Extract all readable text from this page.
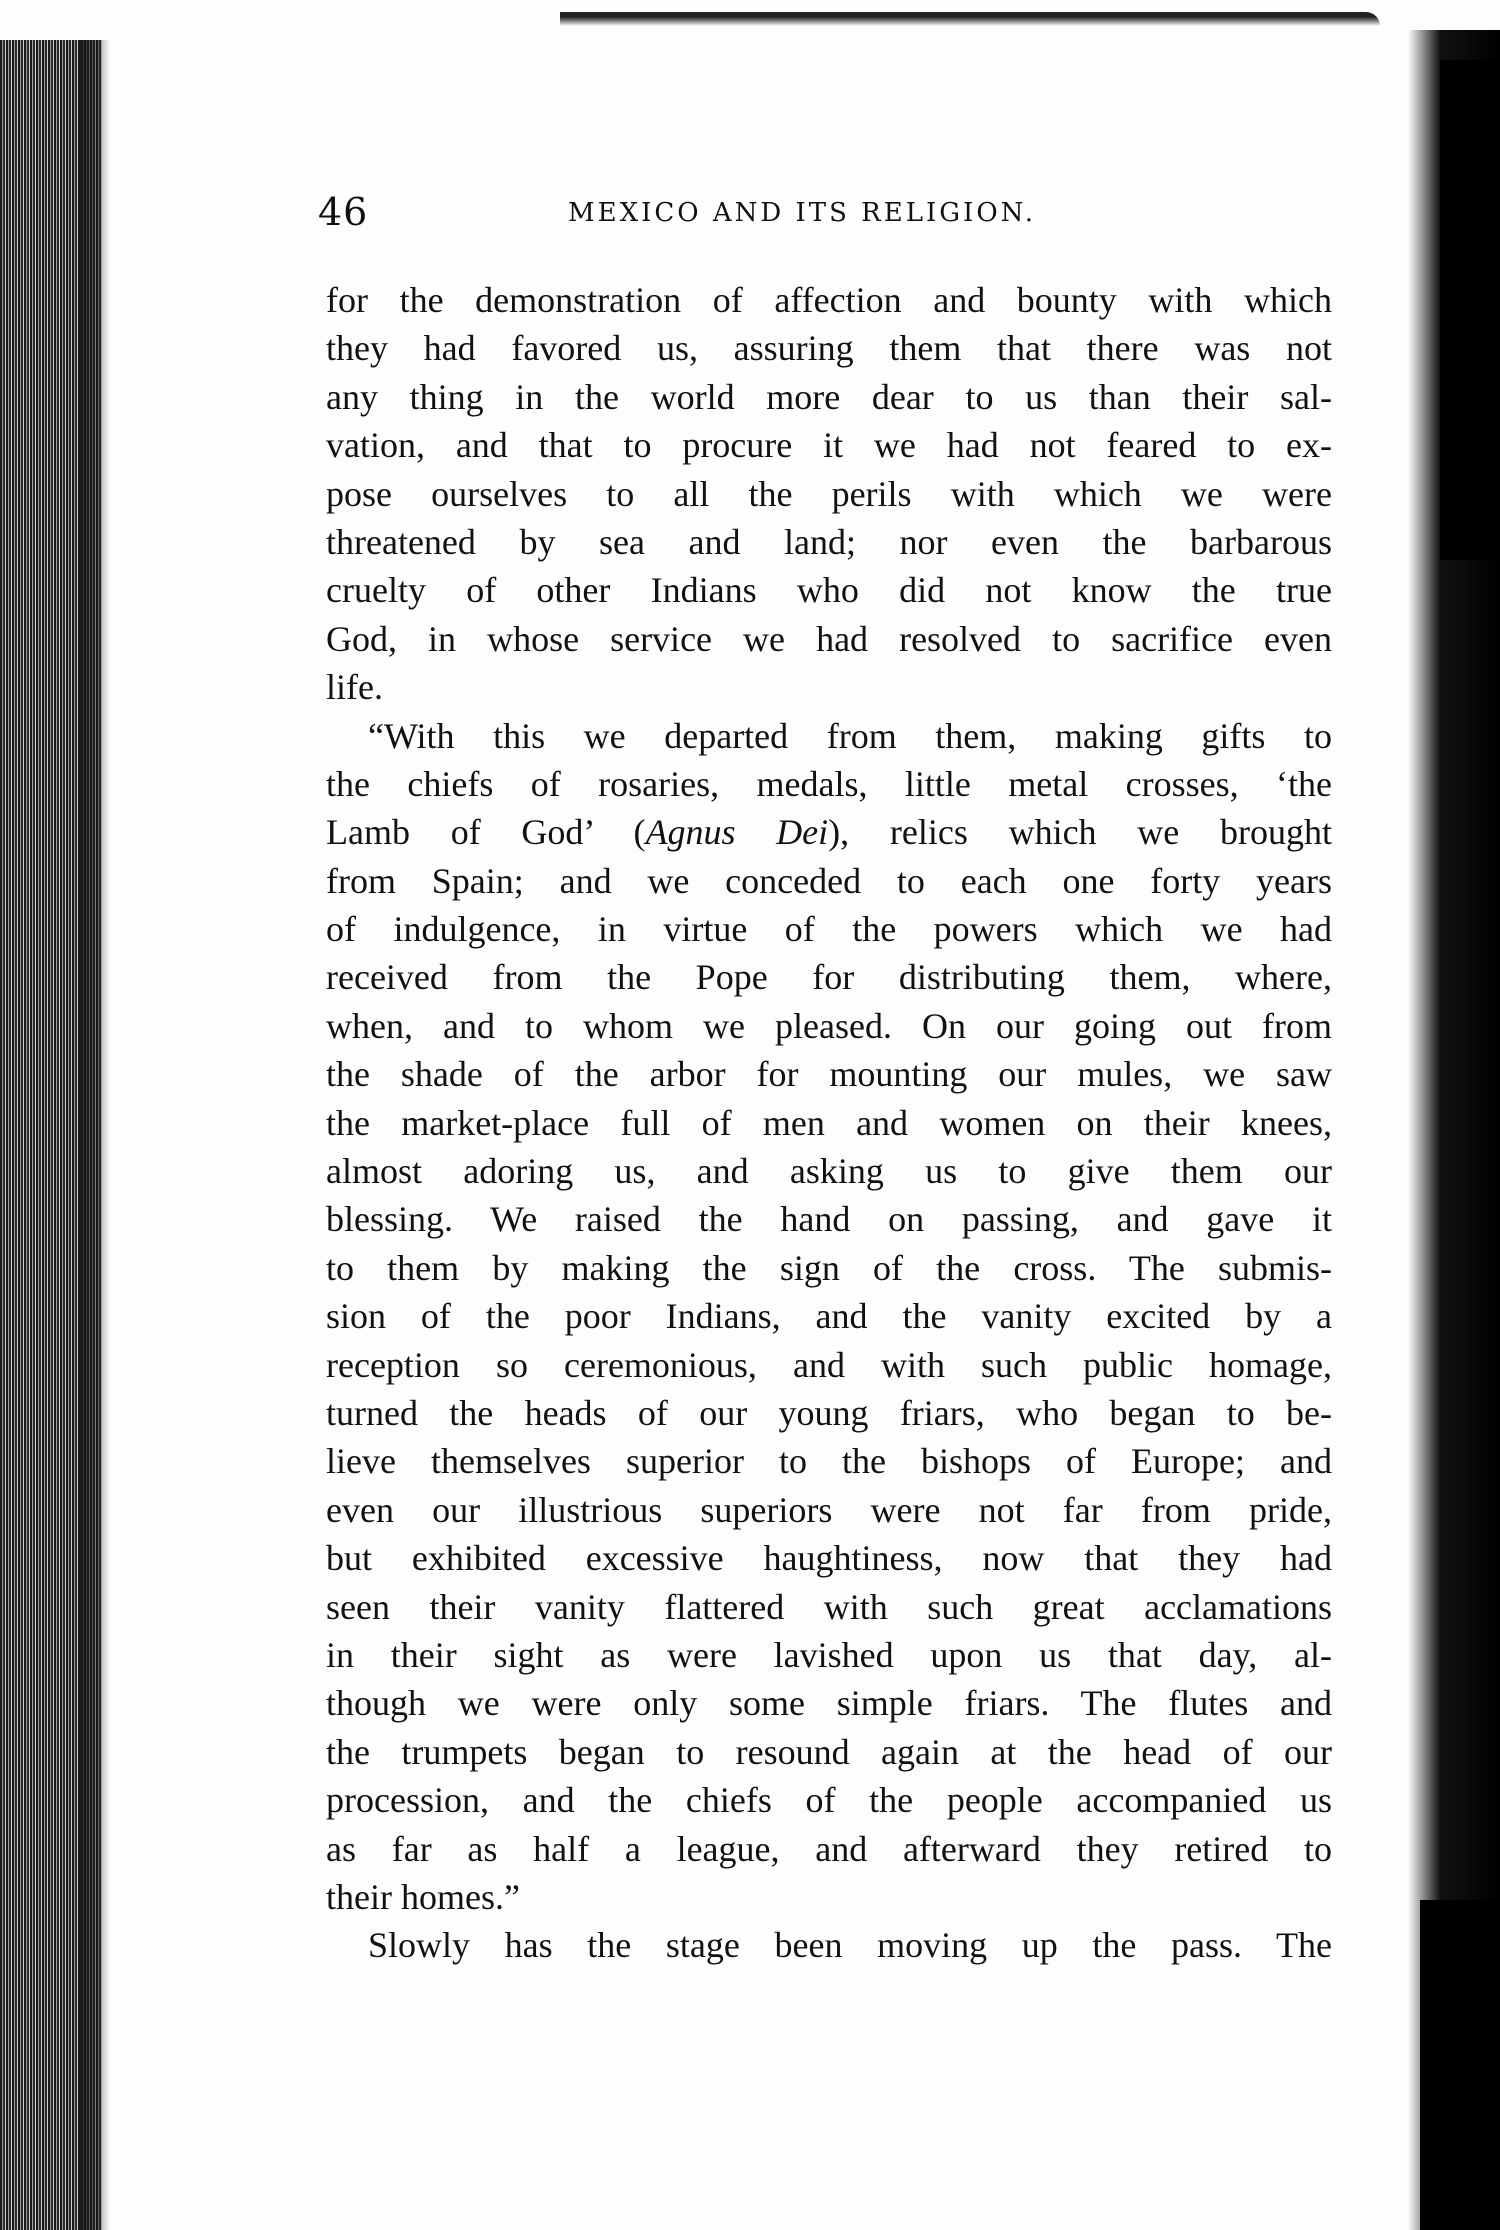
46	MEXICO AND ITS RELIGION.
for the demonstration of affection and bounty with which
they had favored us, assuring them that there was not
any thing in the world more dear to us than their sal-
vation, and that to procure it we had not feared to ex-
pose ourselves to all the perils with which we were
threatened by sea and land; nor even the barbarous
cruelty of other Indians who did not know the true
God, in whose service we had resolved to sacrifice even
life.
“With this we departed from them, making gifts to
the chiefs of rosaries, medals, little metal crosses, ‘the
Lamb of God’ (Agnus Dei), relics which we brought
from Spain; and we conceded to each one forty years
of indulgence, in virtue of the powers which we had
received from the Pope for distributing them, where,
when, and to whom we pleased. On our going out from
the shade of the arbor for mounting our mules, we saw
the market-place full of men and women on their knees,
almost adoring us, and asking us to give them our
blessing. We raised the hand on passing, and gave it
to them by making the sign of the cross. The submis-
sion of the poor Indians, and the vanity excited by a
reception so ceremonious, and with such public homage,
turned the heads of our young friars, who began to be-
lieve themselves superior to the bishops of Europe; and
even our illustrious superiors were not far from pride,
but exhibited excessive haughtiness, now that they had
seen their vanity flattered with such great acclamations
in their sight as were lavished upon us that day, al-
though we were only some simple friars. The flutes and
the trumpets began to resound again at the head of our
procession, and the chiefs of the people accompanied us
as far as half a league, and afterward they retired to
their homes.”
Slowly has the stage been moving up the pass. The
